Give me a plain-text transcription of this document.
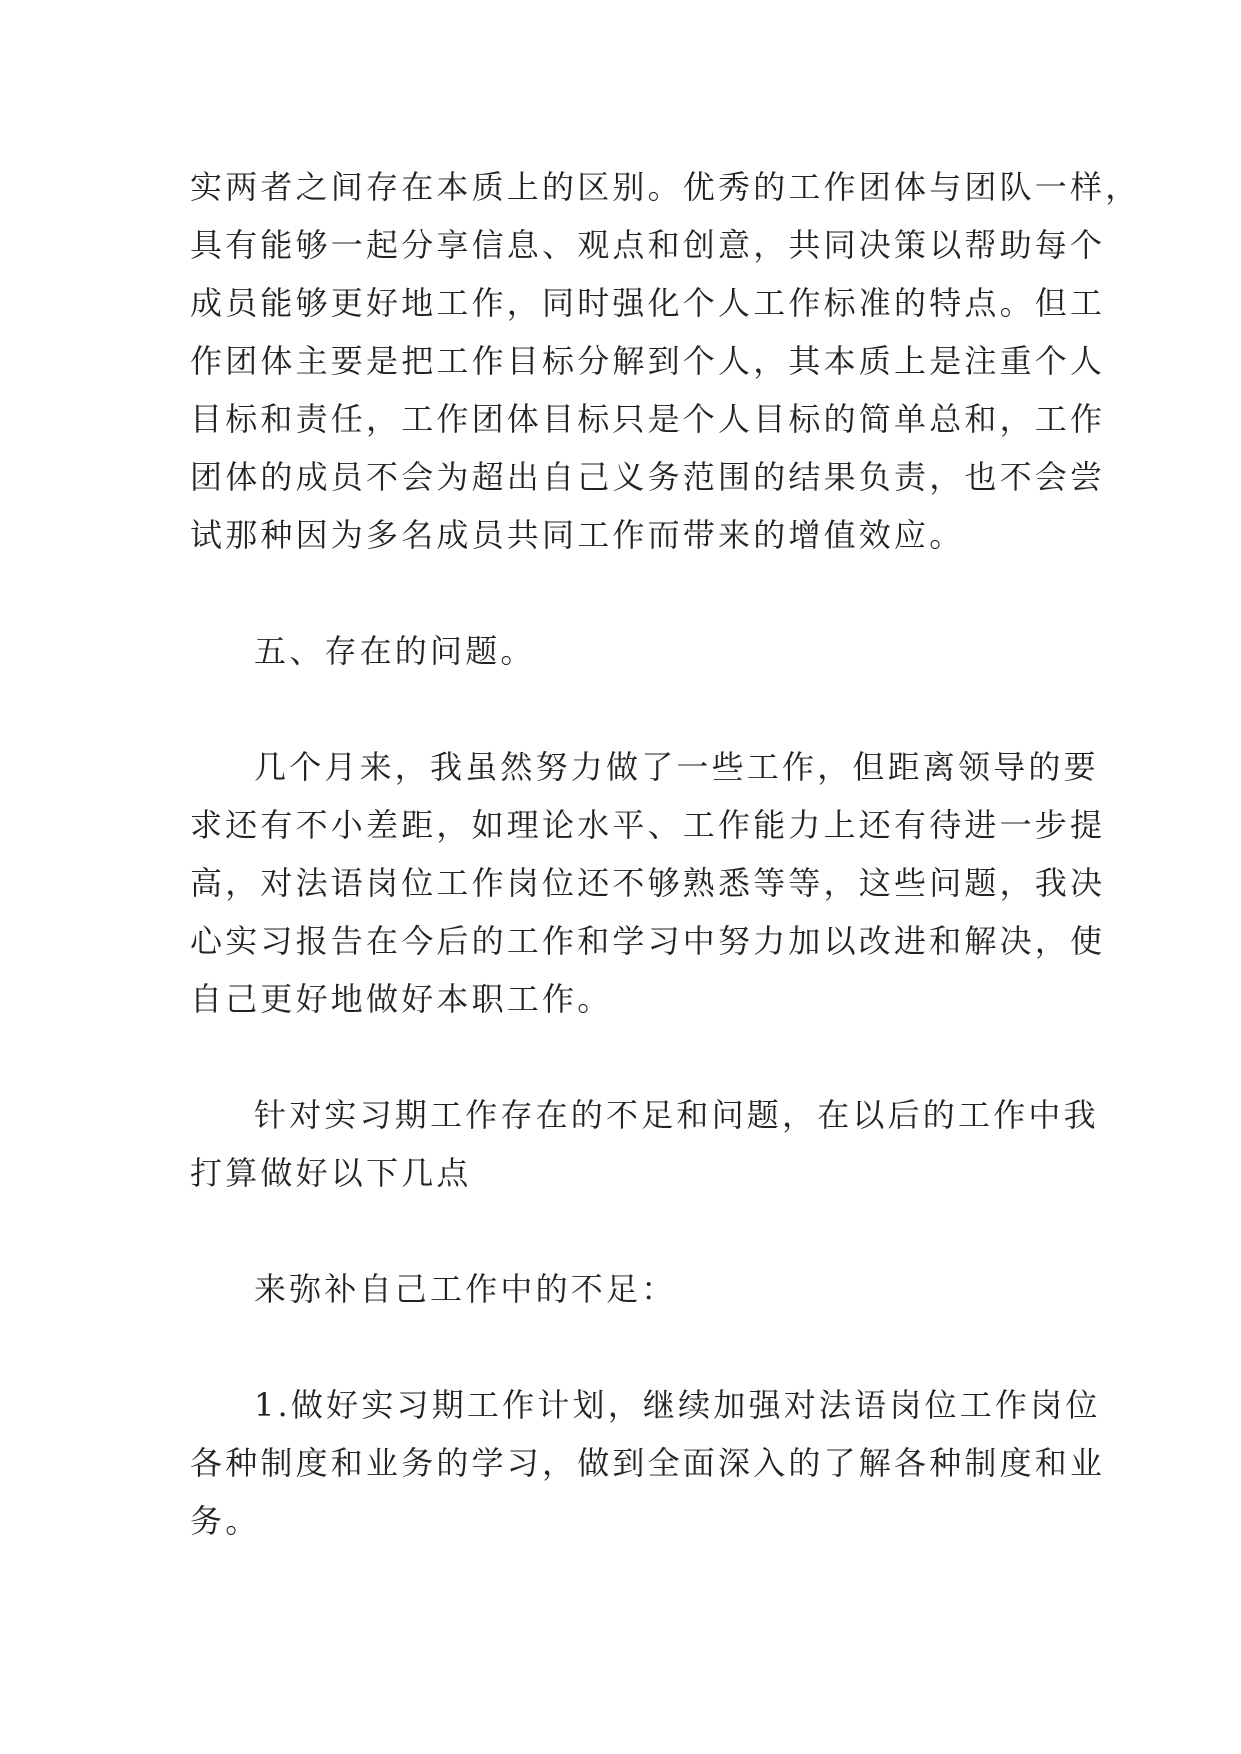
实两者之间存在本质上的区别。优秀的工作团体与团队一样，
具有能够一起分享信息、观点和创意，共同决策以帮助每个
成员能够更好地工作，同时强化个人工作标准的特点。但工
作团体主要是把工作目标分解到个人，其本质上是注重个人
目标和责任，工作团体目标只是个人目标的简单总和，工作
团体的成员不会为超出自己义务范围的结果负责，也不会尝
试那种因为多名成员共同工作而带来的增值效应。
五、存在的问题。
几个月来，我虽然努力做了一些工作，但距离领导的要
求还有不小差距，如理论水平、工作能力上还有待进一步提
高，对法语岗位工作岗位还不够熟悉等等，这些问题，我决
心实习报告在今后的工作和学习中努力加以改进和解决，使
自己更好地做好本职工作。
针对实习期工作存在的不足和问题，在以后的工作中我
打算做好以下几点
来弥补自己工作中的不足：
1.做好实习期工作计划，继续加强对法语岗位工作岗位
各种制度和业务的学习，做到全面深入的了解各种制度和业
务。
